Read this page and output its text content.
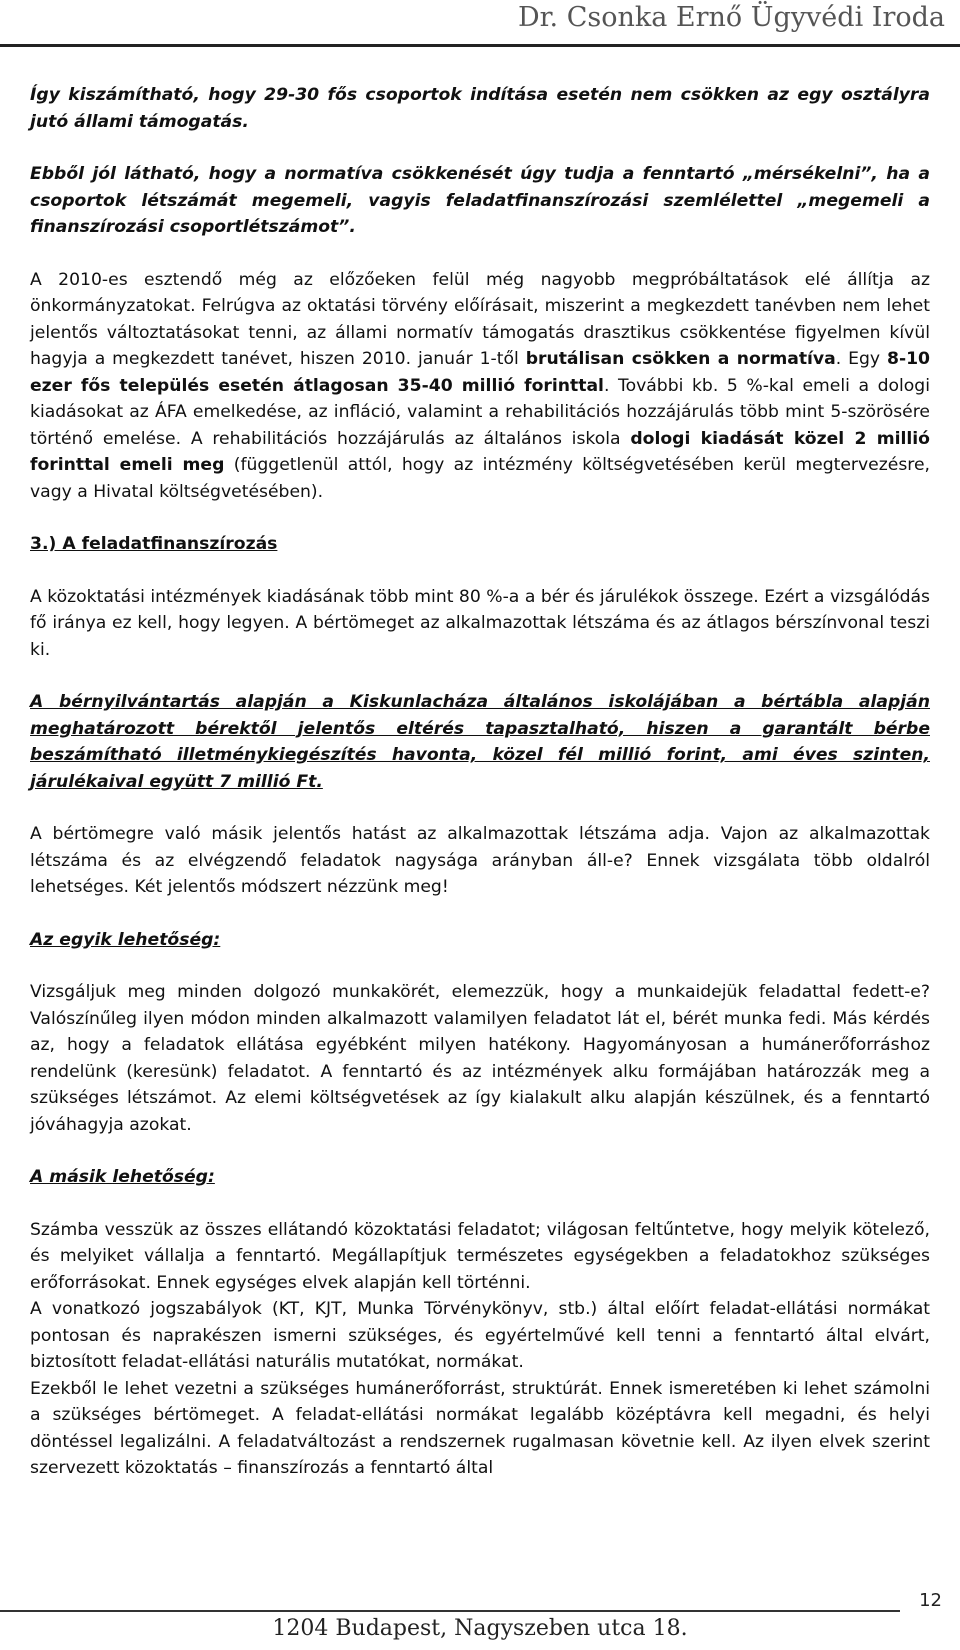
Dr. Csonka Ernő Ügyvédi Iroda

Így kiszámítható, hogy 29-30 fős csoportok indítása esetén nem csökken az egy osztályra jutó állami támogatás.

Ebből jól látható, hogy a normatíva csökkenését úgy tudja a fenntartó „mérsékelni”, ha a csoportok létszámát megemeli, vagyis feladatfinanszírozási szemlélettel „megemeli a finanszírozási csoportlétszámot”.

A 2010-es esztendő még az előzőeken felül még nagyobb megpróbáltatások elé állítja az önkormányzatokat. Felrúgva az oktatási törvény előírásait, miszerint a megkezdett tanévben nem lehet jelentős változtatásokat tenni, az állami normatív támogatás drasztikus csökkentése figyelmen kívül hagyja a megkezdett tanévet, hiszen 2010. január 1-től brutálisan csökken a normatíva. Egy 8-10 ezer fős település esetén átlagosan 35-40 millió forinttal. További kb. 5 %-kal emeli a dologi kiadásokat az ÁFA emelkedése, az infláció, valamint a rehabilitációs hozzájárulás több mint 5-szörösére történő emelése. A rehabilitációs hozzájárulás az általános iskola dologi kiadását közel 2 millió forinttal emeli meg (függetlenül attól, hogy az intézmény költségvetésében kerül megtervezésre, vagy a Hivatal költségvetésében).

3.) A feladatfinanszírozás

A közoktatási intézmények kiadásának több mint 80 %-a a bér és járulékok összege. Ezért a vizsgálódás fő iránya ez kell, hogy legyen. A bértömeget az alkalmazottak létszáma és az átlagos bérszínvonal teszi ki.

A bérnyilvántartás alapján a Kiskunlacháza általános iskolájában a bértábla alapján meghatározott bérektől jelentős eltérés tapasztalható, hiszen a garantált bérbe beszámítható illetménykiegészítés havonta, közel fél millió forint, ami éves szinten, járulékaival együtt 7 millió Ft.

A bértömegre való másik jelentős hatást az alkalmazottak létszáma adja. Vajon az alkalmazottak létszáma és az elvégzendő feladatok nagysága arányban áll-e? Ennek vizsgálata több oldalról lehetséges. Két jelentős módszert nézzünk meg!

Az egyik lehetőség:

Vizsgáljuk meg minden dolgozó munkakörét, elemezzük, hogy a munkaidejük feladattal fedett-e? Valószínűleg ilyen módon minden alkalmazott valamilyen feladatot lát el, bérét munka fedi. Más kérdés az, hogy a feladatok ellátása egyébként milyen hatékony. Hagyományosan a humánerőforráshoz rendelünk (keresünk) feladatot. A fenntartó és az intézmények alku formájában határozzák meg a szükséges létszámot. Az elemi költségvetések az így kialakult alku alapján készülnek, és a fenntartó jóváhagyja azokat.

A másik lehetőség:

Számba vesszük az összes ellátandó közoktatási feladatot; világosan feltűntetve, hogy melyik kötelező, és melyiket vállalja a fenntartó. Megállapítjuk természetes egységekben a feladatokhoz szükséges erőforrásokat. Ennek egységes elvek alapján kell történni.

A vonatkozó jogszabályok (KT, KJT, Munka Törvénykönyv, stb.) által előírt feladat-ellátási normákat pontosan és naprakészen ismerni szükséges, és egyértelművé kell tenni a fenntartó által elvárt, biztosított feladat-ellátási naturális mutatókat, normákat.

Ezekből le lehet vezetni a szükséges humánerőforrást, struktúrát. Ennek ismeretében ki lehet számolni a szükséges bértömeget. A feladat-ellátási normákat legalább középtávra kell megadni, és helyi döntéssel legalizálni. A feladatváltozást a rendszernek rugalmasan követnie kell. Az ilyen elvek szerint szervezett közoktatás – finanszírozás a fenntartó által

12
1204 Budapest, Nagyszeben utca 18.
